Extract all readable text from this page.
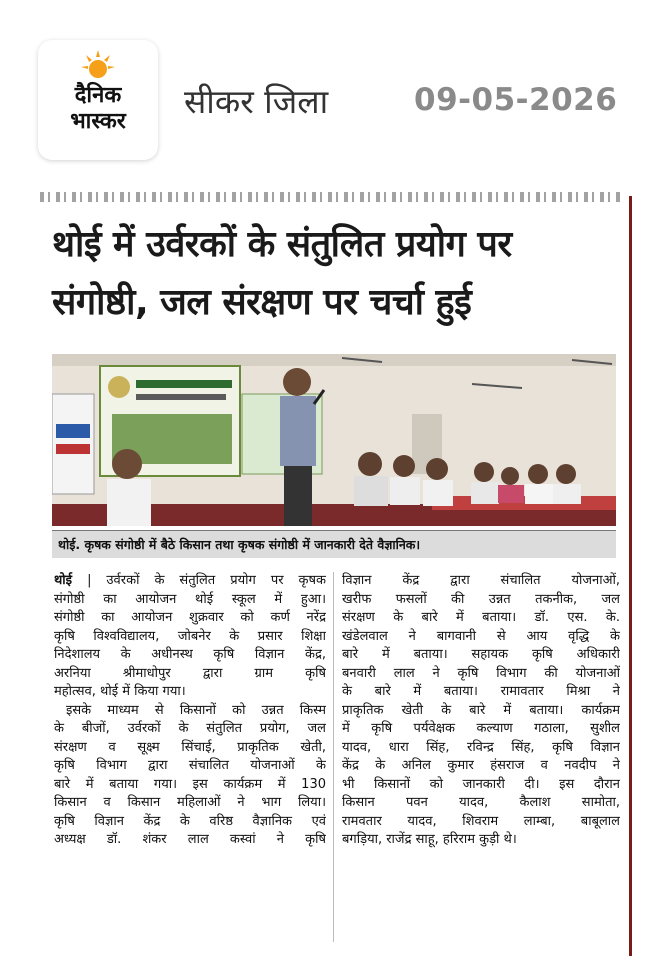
दैनिक
भास्कर
सीकर जिला	09-05-2026
थोई में उर्वरकों के संतुलित प्रयोग पर
संगोष्ठी, जल संरक्षण पर चर्चा हुई
थोई. कृषक संगोष्ठी में बैठे किसान तथा कृषक संगोष्ठी में जानकारी देते वैज्ञानिक।
थोई | उर्वरकों के संतुलित प्रयोग पर कृषक
संगोष्ठी का आयोजन थोई स्कूल में हुआ।
संगोष्ठी का आयोजन शुक्रवार को कर्ण नरेंद्र
कृषि विश्वविद्यालय, जोबनेर के प्रसार शिक्षा
निदेशालय के अधीनस्थ कृषि विज्ञान केंद्र,
अरनिया श्रीमाधोपुर द्वारा ग्राम कृषि
महोत्सव, थोई में किया गया।
इसके माध्यम से किसानों को उन्नत किस्म
के बीजों, उर्वरकों के संतुलित प्रयोग, जल
संरक्षण व सूक्ष्म सिंचाई, प्राकृतिक खेती,
कृषि विभाग द्वारा संचालित योजनाओं के
बारे में बताया गया। इस कार्यक्रम में 130
किसान व किसान महिलाओं ने भाग लिया।
कृषि विज्ञान केंद्र के वरिष्ठ वैज्ञानिक एवं
अध्यक्ष डॉ. शंकर लाल कस्वां ने कृषि
विज्ञान केंद्र द्वारा संचालित योजनाओं,
खरीफ फसलों की उन्नत तकनीक, जल
संरक्षण के बारे में बताया। डॉ. एस. के.
खंडेलवाल ने बागवानी से आय वृद्धि के
बारे में बताया। सहायक कृषि अधिकारी
बनवारी लाल ने कृषि विभाग की योजनाओं
के बारे में बताया। रामावतार मिश्रा ने
प्राकृतिक खेती के बारे में बताया। कार्यक्रम
में कृषि पर्यवेक्षक कल्याण गठाला, सुशील
यादव, धारा सिंह, रविन्द्र सिंह, कृषि विज्ञान
केंद्र के अनिल कुमार हंसराज व नवदीप ने
भी किसानों को जानकारी दी। इस दौरान
किसान पवन यादव, कैलाश सामोता,
रामवतार यादव, शिवराम लाम्बा, बाबूलाल
बगड़िया, राजेंद्र साहू, हरिराम कुड़ी थे।
